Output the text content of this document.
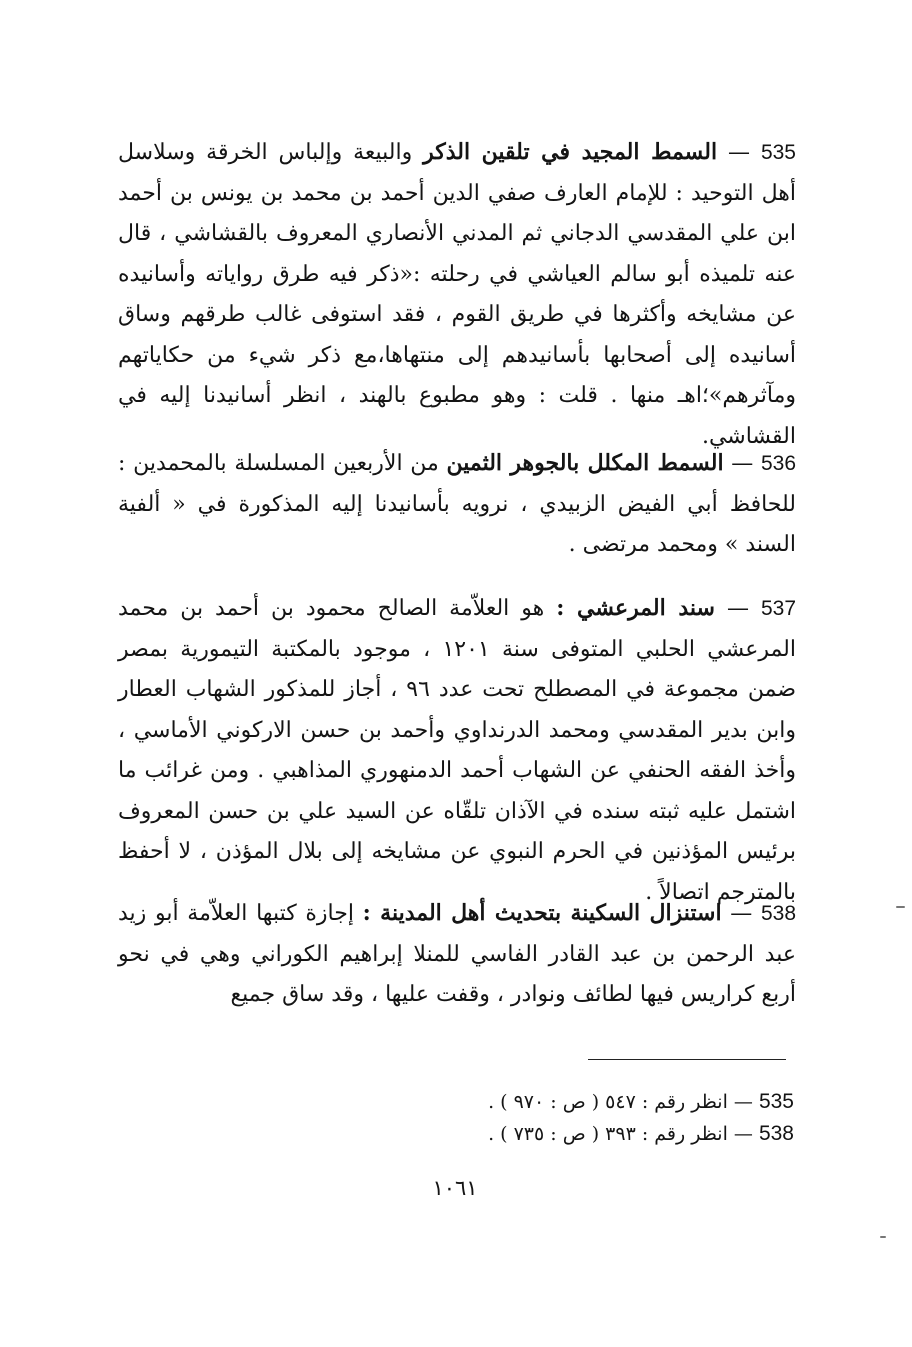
535 — السمط المجيد في تلقين الذكر والبيعة وإلباس الخرقة وسلاسل أهل التوحيد : للإمام العارف صفي الدين أحمد بن محمد بن يونس بن أحمد ابن علي المقدسي الدجاني ثم المدني الأنصاري المعروف بالقشاشي ، قال عنه تلميذه أبو سالم العياشي في رحلته :«ذكر فيه طرق رواياته وأسانيده عن مشايخه وأكثرها في طريق القوم ، فقد استوفى غالب طرقهم وساق أسانيده إلى أصحابها بأسانيدهم إلى منتهاها،مع ذكر شيء من حكاياتهم ومآثرهم»؛اهـ منها . قلت : وهو مطبوع بالهند ، انظر أسانيدنا إليه في القشاشي.
536 — السمط المكلل بالجوهر الثمين من الأربعين المسلسلة بالمحمدين : للحافظ أبي الفيض الزبيدي ، نرويه بأسانيدنا إليه المذكورة في « ألفية السند » ومحمد مرتضى .
537 — سند المرعشي : هو العلاّمة الصالح محمود بن أحمد بن محمد المرعشي الحلبي المتوفى سنة ١٢٠١ ، موجود بالمكتبة التيمورية بمصر ضمن مجموعة في المصطلح تحت عدد ٩٦ ، أجاز للمذكور الشهاب العطار وابن بدير المقدسي ومحمد الدرنداوي وأحمد بن حسن الاركوني الأماسي ، وأخذ الفقه الحنفي عن الشهاب أحمد الدمنهوري المذاهبي . ومن غرائب ما اشتمل عليه ثبته سنده في الآذان تلقّاه عن السيد علي بن حسن المعروف برئيس المؤذنين في الحرم النبوي عن مشايخه إلى بلال المؤذن ، لا أحفظ بالمترجم اتصالاً .
538 — استنزال السكينة بتحديث أهل المدينة : إجازة كتبها العلاّمة أبو زيد عبد الرحمن بن عبد القادر الفاسي للمنلا إبراهيم الكوراني وهي في نحو أربع كراريس فيها لطائف ونوادر ، وقفت عليها ، وقد ساق جميع
535 — انظر رقم : ٥٤٧ ( ص : ٩٧٠ ) .
538 — انظر رقم : ٣٩٣ ( ص : ٧٣٥ ) .
١٠٦١
